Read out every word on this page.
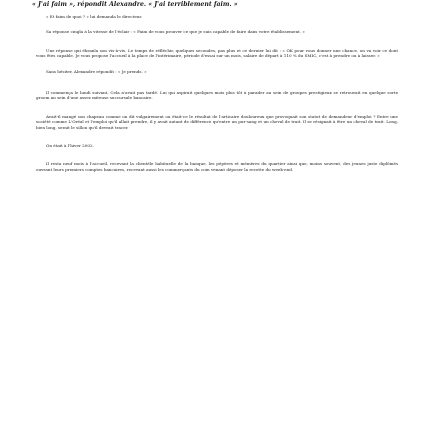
« J'ai faim », répondit Alexandre. « J'ai terriblement faim. »

« Et faim de quoi ? » lui demanda le directeur.

Sa réponse cingla à la vitesse de l'éclair : « Faim de vous prouver ce que je suis capable de faire dans votre établissement. »

Une réponse qui ébranla son vis-à-vis. Le temps de réfléchir, quelques secondes, pas plus et ce dernier lui dit : « OK pour vous donner une chance, on va voir ce dont vous êtes capable. Je vous propose l'accueil à la place de l'intérimaire, période d'essai sur un mois, salaire de départ à 110 % du SMIC, c'est à prendre ou à laisser. »

Sans hésiter, Alexandre répondit : « Je prends. »

Il commença le lundi suivant. Cela n'avait pas tardé. Lui qui aspirait quelques mois plus tôt à parader au sein de groupes prestigieux se retrouvait en quelque sorte groom au sein d'une assez miteuse succursale bancaire.

Avait-il mangé son chapeau comme on dit vulgairement ou était-ce le résultat de l'articaire douloureux que provoquait son statut de demandeur d'emploi ? Entre une société comme L'Oréal et l'emploi qu'il allait prendre, il y avait autant de différence qu'entre un pur-sang et un cheval de trait. Il se résignait à être un cheval de trait. Long, bien long, serait le sillon qu'il devrait tracer.

On était à l'hiver 2002.

Il resta neuf mois à l'accueil, recevant la clientèle habituelle de la banque, les pépères et mémères du quartier ainsi que, moins souvent, des jeunes juste diplômés ouvrant leurs premiers comptes bancaires, recevant aussi les commerçants du coin venant déposer la recette du week-end.
